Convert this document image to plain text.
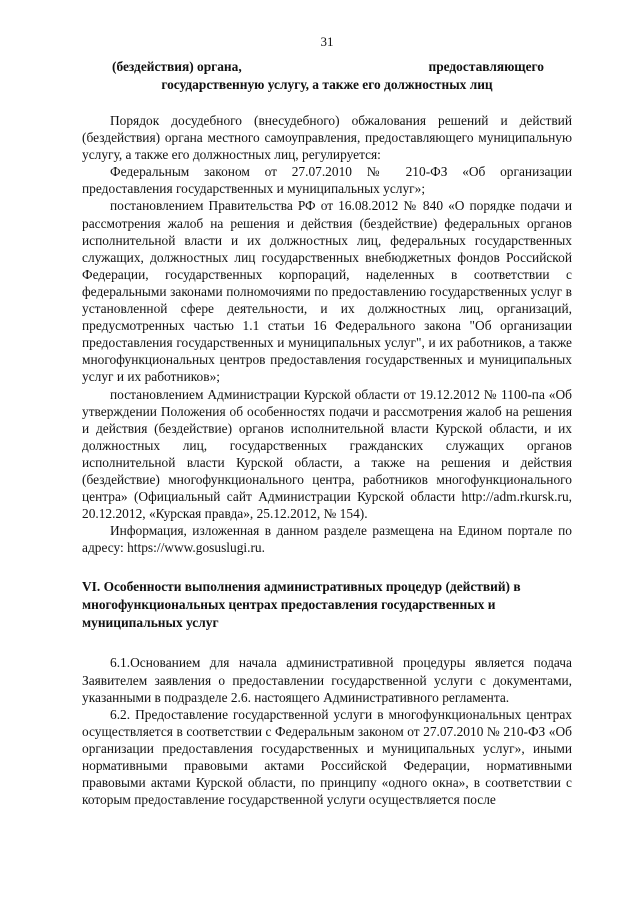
31
(бездействия) органа,	предоставляющего
государственную услугу, а также его должностных лиц

Порядок досудебного (внесудебного) обжалования решений и действий (бездействия) органа местного самоуправления, предоставляющего муниципальную услугу, а также его должностных лиц, регулируется:

Федеральным законом от 27.07.2010 № 210-ФЗ «Об организации предоставления государственных и муниципальных услуг»;

постановлением Правительства РФ от 16.08.2012 № 840 «О порядке подачи и рассмотрения жалоб на решения и действия (бездействие) федеральных органов исполнительной власти и их должностных лиц, федеральных государственных служащих, должностных лиц государственных внебюджетных фондов Российской Федерации, государственных корпораций, наделенных в соответствии с федеральными законами полномочиями по предоставлению государственных услуг в установленной сфере деятельности, и их должностных лиц, организаций, предусмотренных частью 1.1 статьи 16 Федерального закона "Об организации предоставления государственных и муниципальных услуг", и их работников, а также многофункциональных центров предоставления государственных и муниципальных услуг и их работников»;

постановлением Администрации Курской области от 19.12.2012 № 1100-па «Об утверждении Положения об особенностях подачи и рассмотрения жалоб на решения и действия (бездействие) органов исполнительной власти Курской области, и их должностных лиц, государственных гражданских служащих органов исполнительной власти Курской области, а также на решения и действия (бездействие) многофункционального центра, работников многофункционального центра» (Официальный сайт Администрации Курской области http://adm.rkursk.ru, 20.12.2012, «Курская правда», 25.12.2012, № 154).

Информация, изложенная в данном разделе размещена на Едином портале по адресу: https://www.gosuslugi.ru.

VI. Особенности выполнения административных процедур (действий) в многофункциональных центрах предоставления государственных и муниципальных услуг

6.1.Основанием для начала административной процедуры является подача Заявителем заявления о предоставлении государственной услуги с документами, указанными в подразделе 2.6. настоящего Административного регламента.

6.2. Предоставление государственной услуги в многофункциональных центрах осуществляется в соответствии с Федеральным законом от 27.07.2010 № 210-ФЗ «Об организации предоставления государственных и муниципальных услуг», иными нормативными правовыми актами Российской Федерации, нормативными правовыми актами Курской области, по принципу «одного окна», в соответствии с которым предоставление государственной услуги осуществляется после
